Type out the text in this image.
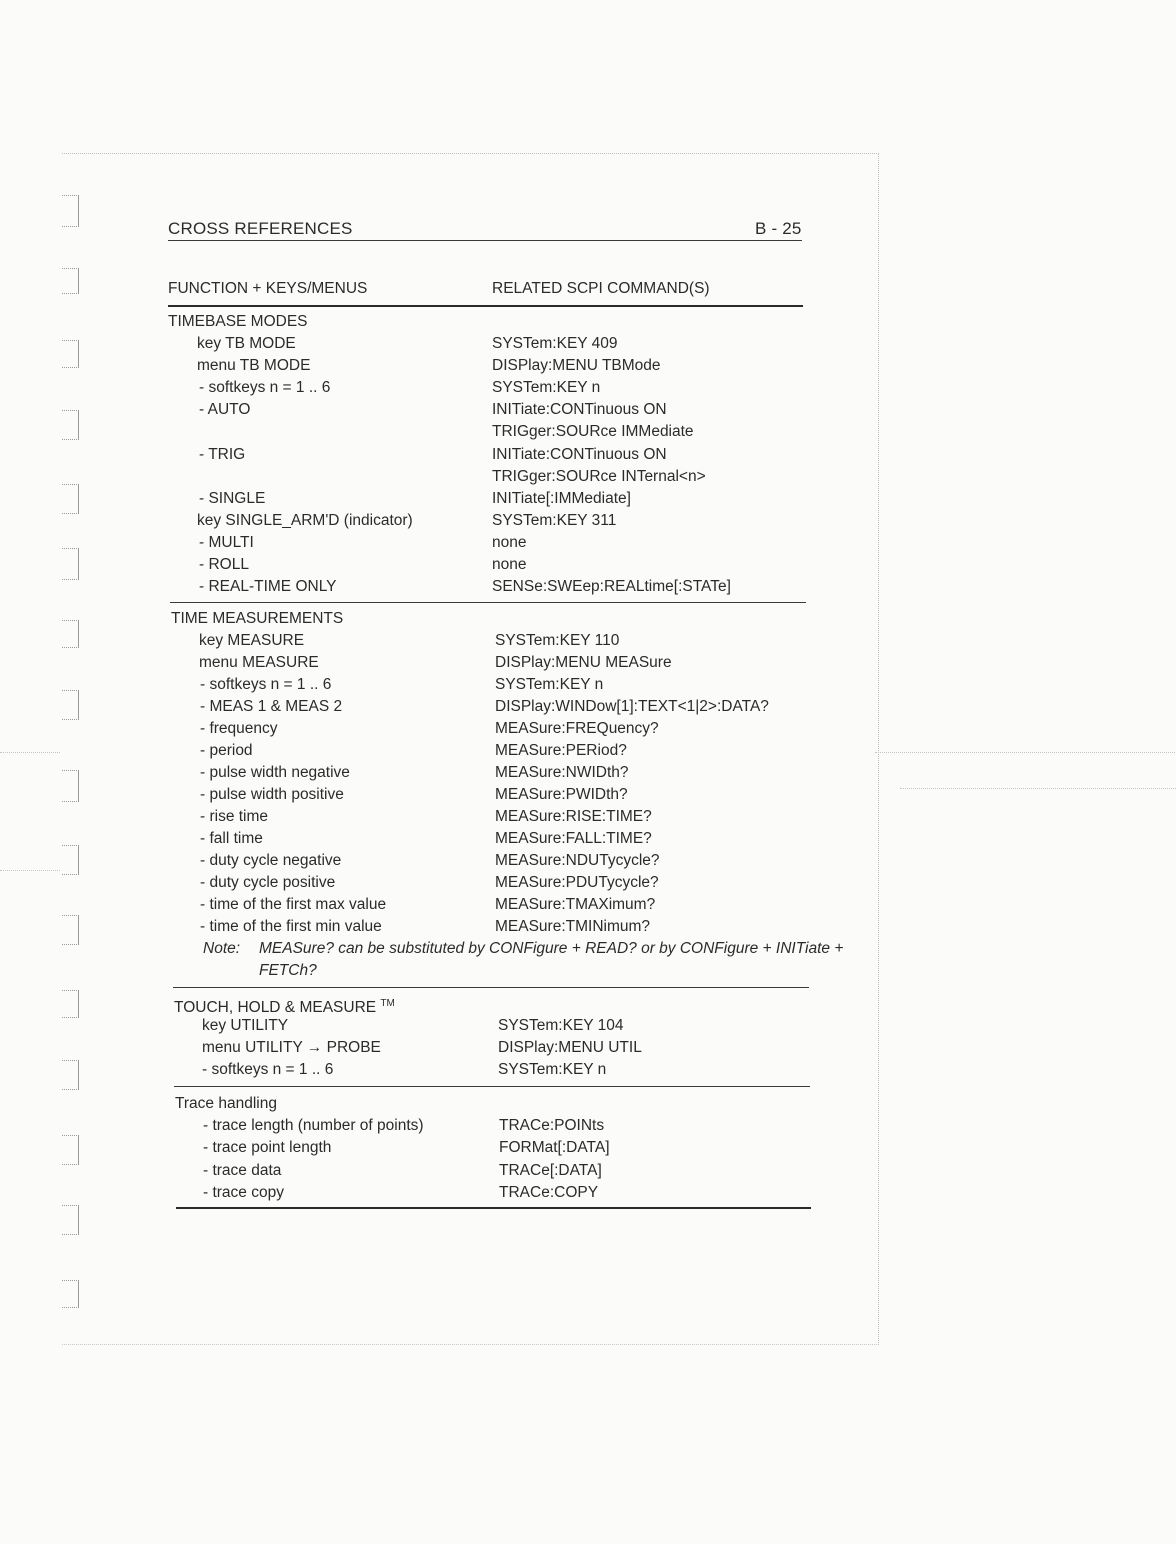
CROSS REFERENCES	B - 25
FUNCTION + KEYS/MENUS	RELATED SCPI COMMAND(S)
TIMEBASE MODES
key TB MODE	SYSTem:KEY 409
menu TB MODE	DISPlay:MENU TBMode
- softkeys n = 1 .. 6	SYSTem:KEY n
- AUTO	INITiate:CONTinuous ON
TRIGger:SOURce IMMediate
- TRIG	INITiate:CONTinuous ON
TRIGger:SOURce INTernal<n>
- SINGLE	INITiate[:IMMediate]
key SINGLE_ARM'D (indicator)	SYSTem:KEY 311
- MULTI	none
- ROLL	none
- REAL-TIME ONLY	SENSe:SWEep:REALtime[:STATe]
TIME MEASUREMENTS
key MEASURE	SYSTem:KEY 110
menu MEASURE	DISPlay:MENU MEASure
- softkeys n = 1 .. 6	SYSTem:KEY n
- MEAS 1 & MEAS 2	DISPlay:WINDow[1]:TEXT<1|2>:DATA?
- frequency	MEASure:FREQuency?
- period	MEASure:PERiod?
- pulse width negative	MEASure:NWIDth?
- pulse width positive	MEASure:PWIDth?
- rise time	MEASure:RISE:TIME?
- fall time	MEASure:FALL:TIME?
- duty cycle negative	MEASure:NDUTycycle?
- duty cycle positive	MEASure:PDUTycycle?
- time of the first max value	MEASure:TMAXimum?
- time of the first min value	MEASure:TMINimum?
Note: MEASure? can be substituted by CONFigure + READ? or by CONFigure + INITiate +
FETCh?
TOUCH, HOLD & MEASURE ™
key UTILITY	SYSTem:KEY 104
menu UTILITY → PROBE	DISPlay:MENU UTIL
- softkeys n = 1 .. 6	SYSTem:KEY n
Trace handling
- trace length (number of points)	TRACe:POINts
- trace point length	FORMat[:DATA]
- trace data	TRACe[:DATA]
- trace copy	TRACe:COPY
